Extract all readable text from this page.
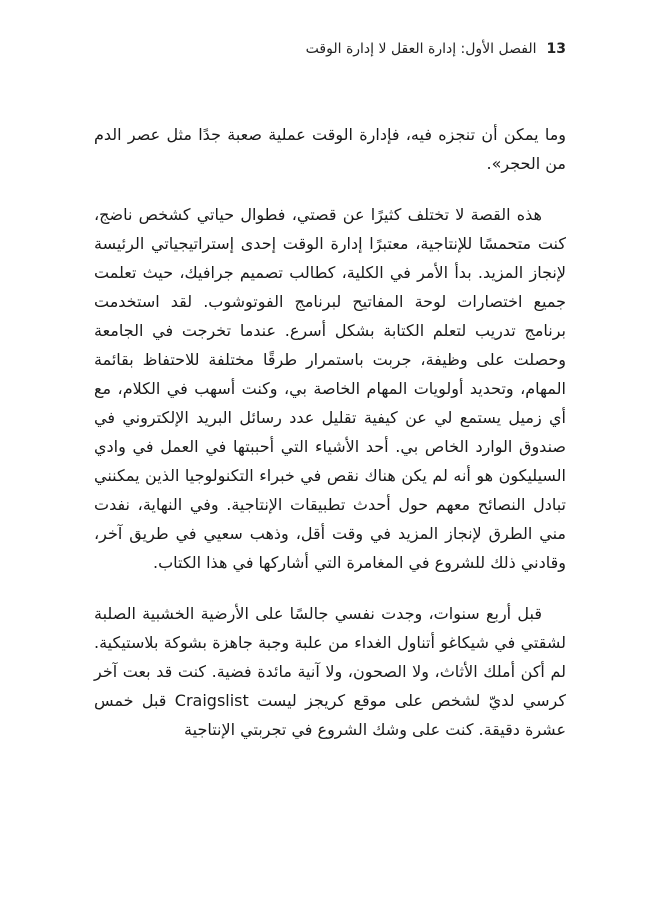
13
الفصل الأول: إدارة العقل لا إدارة الوقت

وما يمكن أن تنجزه فيه، فإدارة الوقت عملية صعبة جدًا مثل عصر الدم من الحجر».

هذه القصة لا تختلف كثيرًا عن قصتي، فطوال حياتي كشخص ناضج، كنت متحمسًا للإنتاجية، معتبرًا إدارة الوقت إحدى إستراتيجياتي الرئيسة لإنجاز المزيد. بدأ الأمر في الكلية، كطالب تصميم جرافيك، حيث تعلمت جميع اختصارات لوحة المفاتيح لبرنامج الفوتوشوب. لقد استخدمت برنامج تدريب لتعلم الكتابة بشكل أسرع. عندما تخرجت في الجامعة وحصلت على وظيفة، جربت باستمرار طرقًا مختلفة للاحتفاظ بقائمة المهام، وتحديد أولويات المهام الخاصة بي، وكنت أسهب في الكلام، مع أي زميل يستمع لي عن كيفية تقليل عدد رسائل البريد الإلكتروني في صندوق الوارد الخاص بي. أحد الأشياء التي أحببتها في العمل في وادي السيليكون هو أنه لم يكن هناك نقص في خبراء التكنولوجيا الذين يمكنني تبادل النصائح معهم حول أحدث تطبيقات الإنتاجية. وفي النهاية، نفدت مني الطرق لإنجاز المزيد في وقت أقل، وذهب سعيي في طريق آخر، وقادني ذلك للشروع في المغامرة التي أشاركها في هذا الكتاب.

قبل أربع سنوات، وجدت نفسي جالسًا على الأرضية الخشبية الصلبة لشقتي في شيكاغو أتناول الغداء من علبة وجبة جاهزة بشوكة بلاستيكية. لم أكن أملك الأثاث، ولا الصحون، ولا آنية مائدة فضية. كنت قد بعت آخر كرسي لديّ لشخص على موقع كريجز ليست Craigslist قبل خمس عشرة دقيقة. كنت على وشك الشروع في تجربتي الإنتاجية
